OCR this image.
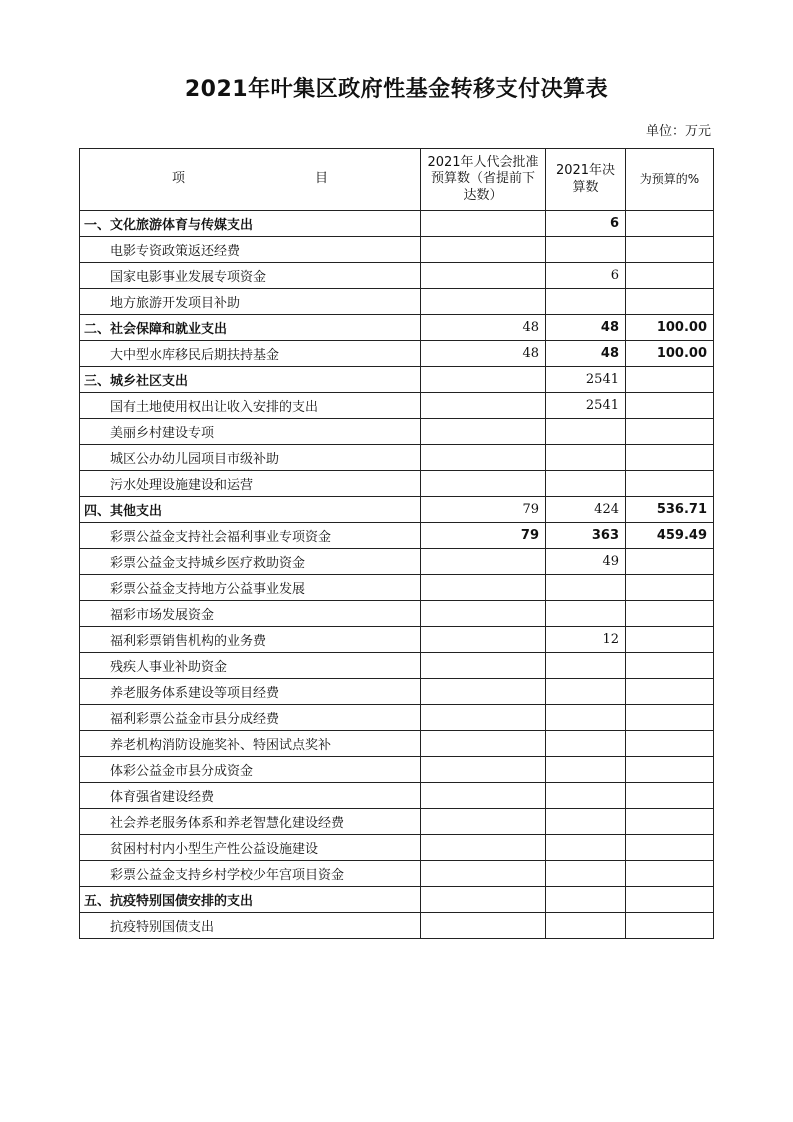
2021年叶集区政府性基金转移支付决算表
单位：万元
项 目	2021年人代会批准预算数（省提前下达数）	2021年决算数	为预算的%
一、文化旅游体育与传媒支出		6	
电影专资政策返还经费			
国家电影事业发展专项资金		6	
地方旅游开发项目补助			
二、社会保障和就业支出	48	48	100.00
大中型水库移民后期扶持基金	48	48	100.00
三、城乡社区支出		2541	
国有土地使用权出让收入安排的支出		2541	
美丽乡村建设专项			
城区公办幼儿园项目市级补助			
污水处理设施建设和运营			
四、其他支出	79	424	536.71
彩票公益金支持社会福利事业专项资金	79	363	459.49
彩票公益金支持城乡医疗救助资金		49	
彩票公益金支持地方公益事业发展			
福彩市场发展资金			
福利彩票销售机构的业务费		12	
残疾人事业补助资金			
养老服务体系建设等项目经费			
福利彩票公益金市县分成经费			
养老机构消防设施奖补、特困试点奖补			
体彩公益金市县分成资金			
体育强省建设经费			
社会养老服务体系和养老智慧化建设经费			
贫困村村内小型生产性公益设施建设			
彩票公益金支持乡村学校少年宫项目资金			
五、抗疫特别国债安排的支出			
抗疫特别国债支出			
